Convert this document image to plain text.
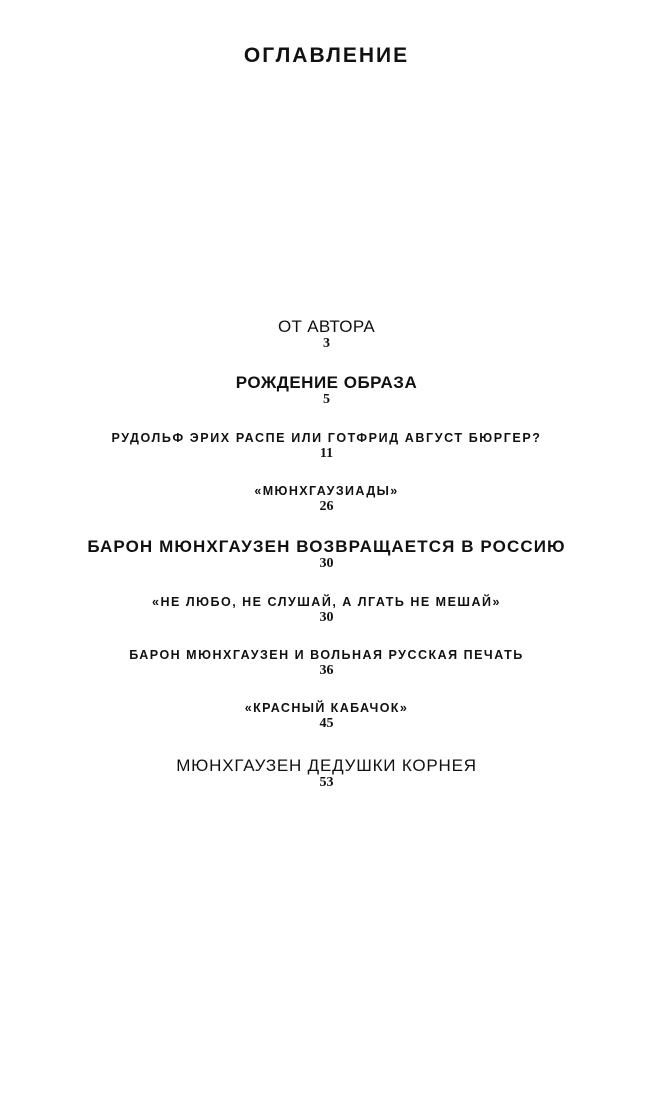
ОГЛАВЛЕНИЕ
ОТ АВТОРА
3
РОЖДЕНИЕ ОБРАЗА
5
РУДОЛЬФ ЭРИХ РАСПЕ ИЛИ ГОТФРИД АВГУСТ БЮРГЕР?
11
«МЮНХГАУЗИАДЫ»
26
БАРОН МЮНХГАУЗЕН ВОЗВРАЩАЕТСЯ В РОССИЮ
30
«НЕ ЛЮБО, НЕ СЛУШАЙ, А ЛГАТЬ НЕ МЕШАЙ»
30
БАРОН МЮНХГАУЗЕН И ВОЛЬНАЯ РУССКАЯ ПЕЧАТЬ
36
«КРАСНЫЙ КАБАЧОК»
45
МЮНХГАУЗЕН ДЕДУШКИ КОРНЕЯ
53
